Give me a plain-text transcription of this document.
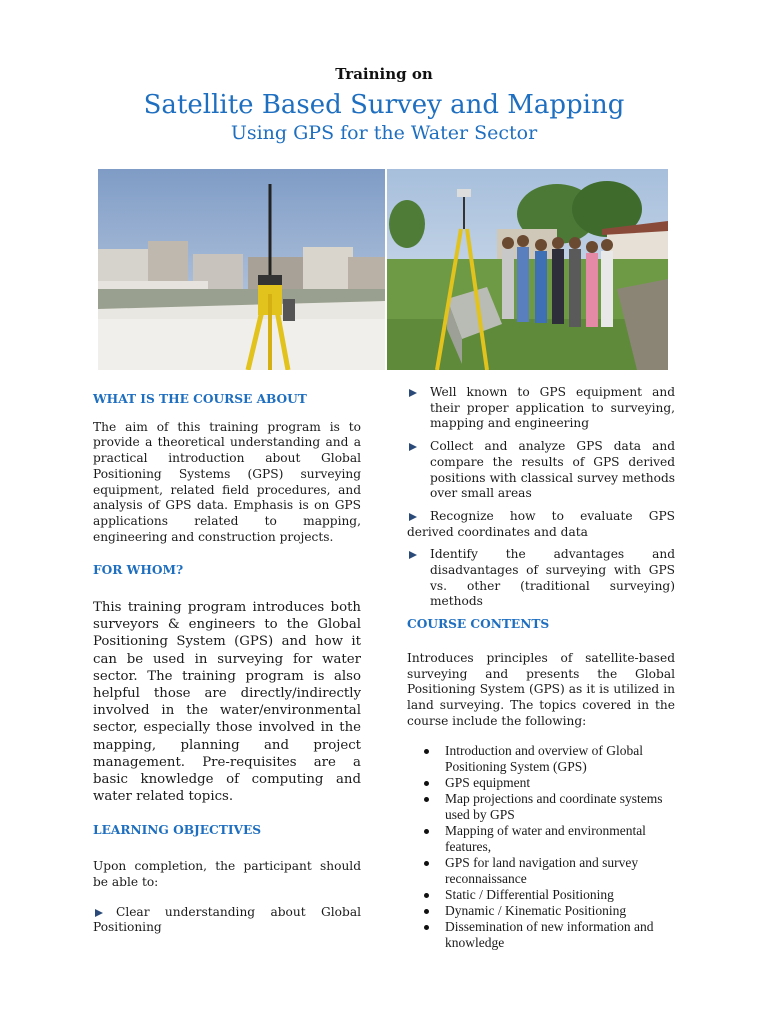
Training on
Satellite Based Survey and Mapping
Using GPS for the Water Sector
WHAT IS THE COURSE ABOUT

The aim of this training program is to provide a theoretical understanding and a practical introduction about Global Positioning Systems (GPS) surveying equipment, related field procedures, and analysis of GPS data. Emphasis is on GPS applications related to mapping, engineering and construction projects.

FOR WHOM?

This training program introduces both surveyors & engineers to the Global Positioning System (GPS) and how it can be used in surveying for water sector. The training program is also helpful those are directly/indirectly involved in the water/environmental sector, especially those involved in the mapping, planning and project management. Pre-requisites are a basic knowledge of computing and water related topics.

LEARNING OBJECTIVES

Upon completion, the participant should be able to:

Clear understanding about Global Positioning
Well known to GPS equipment and their proper application to surveying, mapping and engineering
Collect and analyze GPS data and compare the results of GPS derived positions with classical survey methods over small areas
Recognize how to evaluate GPS derived coordinates and data
Identify the advantages and disadvantages of surveying with GPS vs. other (traditional surveying) methods
COURSE CONTENTS

Introduces principles of satellite-based surveying and presents the Global Positioning System (GPS) as it is utilized in land surveying. The topics covered in the course include the following:

Introduction and overview of Global Positioning System (GPS)
GPS equipment
Map projections and coordinate systems used by GPS
Mapping of water and environmental features,
GPS for land navigation and survey reconnaissance
Static / Differential Positioning
Dynamic / Kinematic Positioning
Dissemination of new information and knowledge
